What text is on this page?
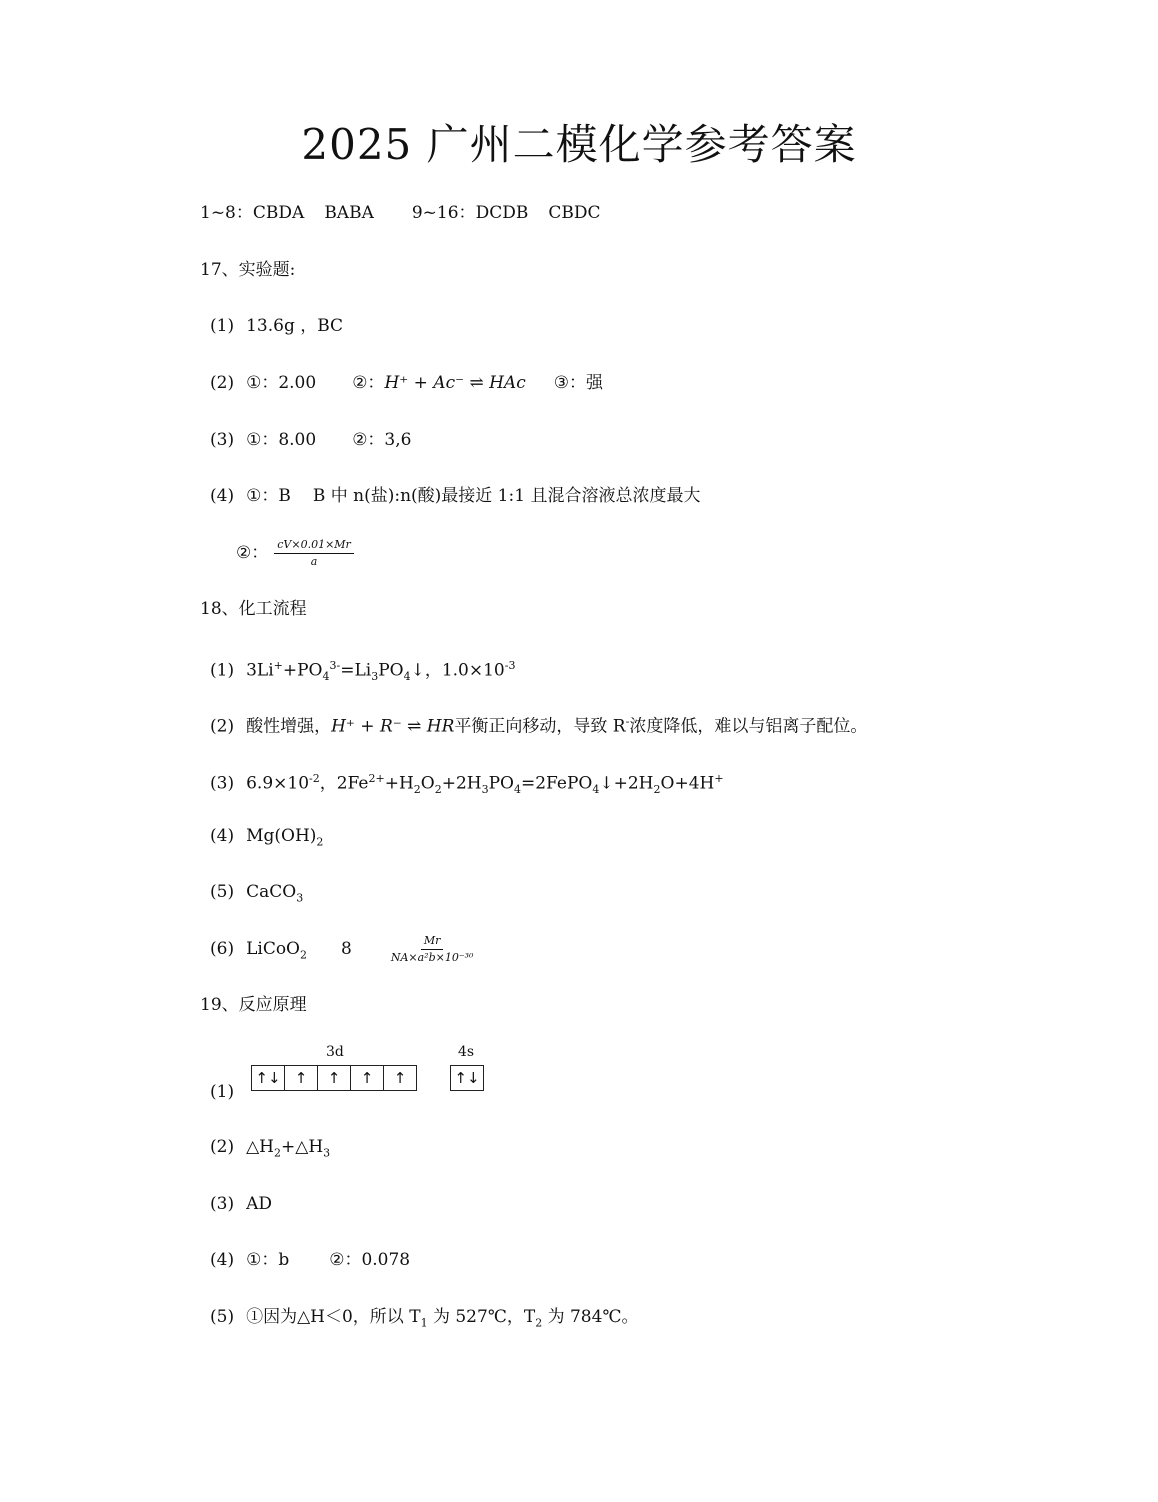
2025 广州二模化学参考答案
1~8：CBDA BABA 9~16：DCDB CBDC
17、实验题:
(1) 13.6g ，BC
(2) ①：2.00 ②：H⁺ + Ac⁻ ⇌ HAc ③：强
(3) ①：8.00 ②：3,6
(4) ①：B B 中 n(盐):n(酸)最接近 1:1 且混合溶液总浓度最大
②： $\frac{cV\times 0.01\times Mr}{a}$
18、化工流程
(1) $3Li^++PO_4^{3-}=Li_3PO_4↓$，$1.0\times 10^{-3}$
(2) 酸性增强，H⁺ + R⁻ ⇌ HR平衡正向移动，导致 R-浓度降低，难以与铝离子配位。
(3) $6.9\times 10^{-2}$，$2Fe^{2+}+H_2O_2+2H_3PO_4=2FePO_4↓+2H_2O+4H^+$
(4) $Mg(OH)_2$
(5) CaCO$_3$
(6) LiCoO$_2$ 8	$\frac{Mr}{\text{NA×a²b×10⁻³⁰}}$
19、反应原理
(1)
3d	4s
↑↓ ↑	↑	↑	↑	↑↓
(2) $\triangle H_2+\triangle H_3$
(3) AD
(4) ①：b ②：0.078
(5) ①因为△H＜0，所以 $T_1$ 为 527℃，$T_2$ 为 784℃。
